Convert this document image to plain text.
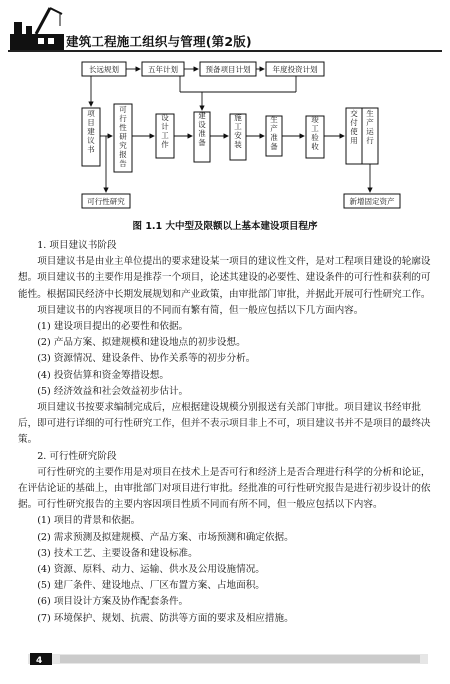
建筑工程施工组织与管理(第2版)
长远规划	五年计划	预备项目计划	年度投资计划
可行性研究	新增固定资产
项目建议书
可行性研究报告
设计工作
建设准备
施工安装
生产准备
竣工验收
交付使用
生产运行
图 1.1 大中型及限额以上基本建设项目程序

1. 项目建议书阶段

项目建议书是由业主单位提出的要求建设某一项目的建议性文件，是对工程项目建设的轮廓设想。项目建议书的主要作用是推荐一个项目，论述其建设的必要性、建设条件的可行性和获利的可能性。根据国民经济中长期发展规划和产业政策，由审批部门审批，并据此开展可行性研究工作。

项目建议书的内容视项目的不同而有繁有简，但一般应包括以下几方面内容。

(1) 建设项目提出的必要性和依据。

(2) 产品方案、拟建规模和建设地点的初步设想。

(3) 资源情况、建设条件、协作关系等的初步分析。

(4) 投资估算和资金筹措设想。

(5) 经济效益和社会效益初步估计。

项目建议书按要求编制完成后，应根据建设规模分别报送有关部门审批。项目建议书经审批后，即可进行详细的可行性研究工作，但并不表示项目非上不可，项目建议书并不是项目的最终决策。

2. 可行性研究阶段

可行性研究的主要作用是对项目在技术上是否可行和经济上是否合理进行科学的分析和论证，在评估论证的基础上，由审批部门对项目进行审批。经批准的可行性研究报告是进行初步设计的依据。可行性研究报告的主要内容因项目性质不同而有所不同，但一般应包括以下内容。

(1) 项目的背景和依据。

(2) 需求预测及拟建规模、产品方案、市场预测和确定依据。

(3) 技术工艺、主要设备和建设标准。

(4) 资源、原料、动力、运输、供水及公用设施情况。

(5) 建厂条件、建设地点、厂区布置方案、占地面积。

(6) 项目设计方案及协作配套条件。

(7) 环境保护、规划、抗震、防洪等方面的要求及相应措施。

4
